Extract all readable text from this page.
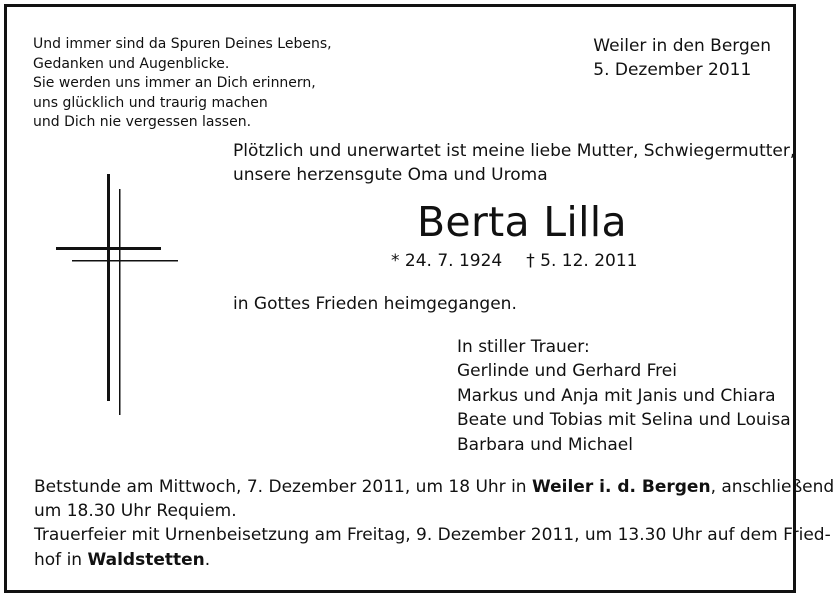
Und immer sind da Spuren Deines Lebens,
Gedanken und Augenblicke.
Sie werden uns immer an Dich erinnern,
uns glücklich und traurig machen
und Dich nie vergessen lassen.
Weiler in den Bergen
5. Dezember 2011
Plötzlich und unerwartet ist meine liebe Mutter, Schwiegermutter,
unsere herzensgute Oma und Uroma
Berta Lilla
* 24. 7. 1924 † 5. 12. 2011
in Gottes Frieden heimgegangen.
In stiller Trauer:
Gerlinde und Gerhard Frei
Markus und Anja mit Janis und Chiara
Beate und Tobias mit Selina und Louisa
Barbara und Michael
Betstunde am Mittwoch, 7. Dezember 2011, um 18 Uhr in Weiler i. d. Bergen, anschließend
um 18.30 Uhr Requiem.
Trauerfeier mit Urnenbeisetzung am Freitag, 9. Dezember 2011, um 13.30 Uhr auf dem Fried-
hof in Waldstetten.
